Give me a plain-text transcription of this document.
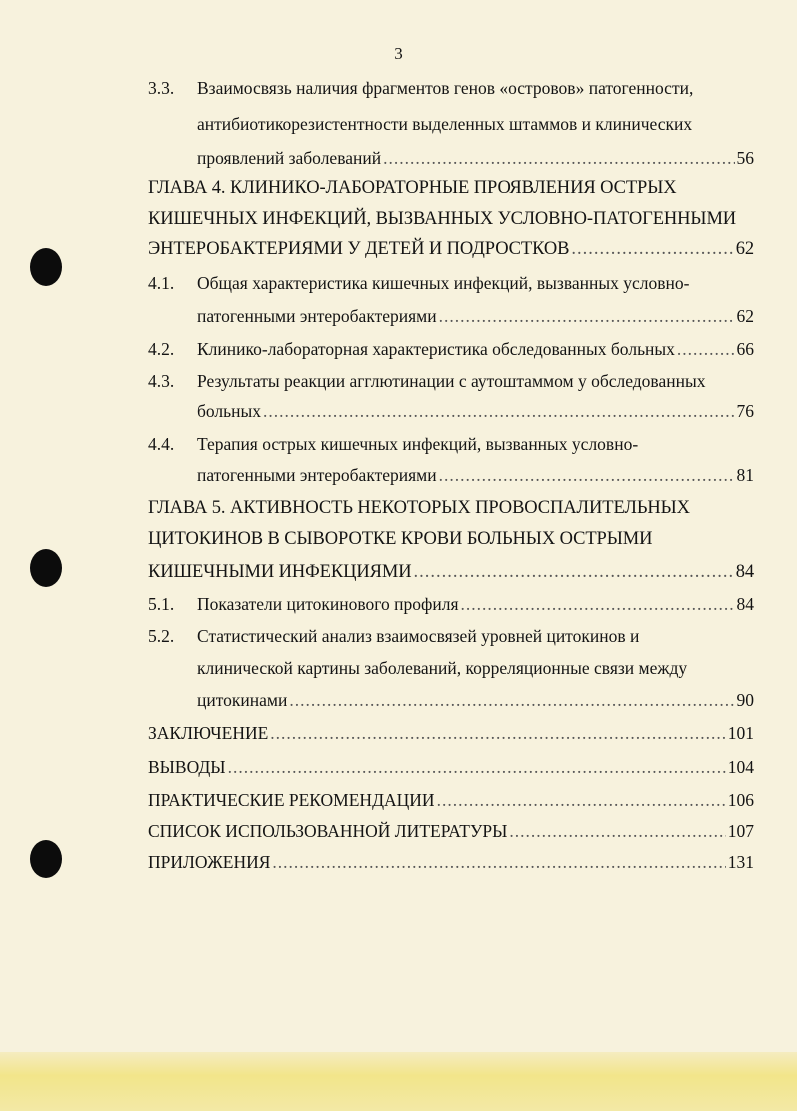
3
3.3. Взаимосвязь наличия фрагментов генов «островов» патогенности,
антибиотикорезистентности выделенных штаммов и клинических
проявлений заболеваний .....	56
ГЛАВА 4. КЛИНИКО-ЛАБОРАТОРНЫЕ ПРОЯВЛЕНИЯ ОСТРЫХ
КИШЕЧНЫХ ИНФЕКЦИЙ, ВЫЗВАННЫХ УСЛОВНО-ПАТОГЕННЫМИ
ЭНТЕРОБАКТЕРИЯМИ У ДЕТЕЙ И ПОДРОСТКОВ .....	62
4.1. Общая характеристика кишечных инфекций, вызванных условно-
патогенными энтеробактериями .....	62
4.2. Клинико-лабораторная характеристика обследованных больных .....	66
4.3. Результаты реакции агглютинации с аутоштаммом у обследованных
больных .....	76
4.4. Терапия острых кишечных инфекций, вызванных условно-
патогенными энтеробактериями .....	81
ГЛАВА 5. АКТИВНОСТЬ НЕКОТОРЫХ ПРОВОСПАЛИТЕЛЬНЫХ
ЦИТОКИНОВ В СЫВОРОТКЕ КРОВИ БОЛЬНЫХ ОСТРЫМИ
КИШЕЧНЫМИ ИНФЕКЦИЯМИ .....	84
5.1. Показатели цитокинового профиля .....	84
5.2. Статистический анализ взаимосвязей уровней цитокинов и
клинической картины заболеваний, корреляционные связи между
цитокинами .....	90
ЗАКЛЮЧЕНИЕ .....	101
ВЫВОДЫ .....	104
ПРАКТИЧЕСКИЕ РЕКОМЕНДАЦИИ .....	106
СПИСОК ИСПОЛЬЗОВАННОЙ ЛИТЕРАТУРЫ .....	107
ПРИЛОЖЕНИЯ .....	131
